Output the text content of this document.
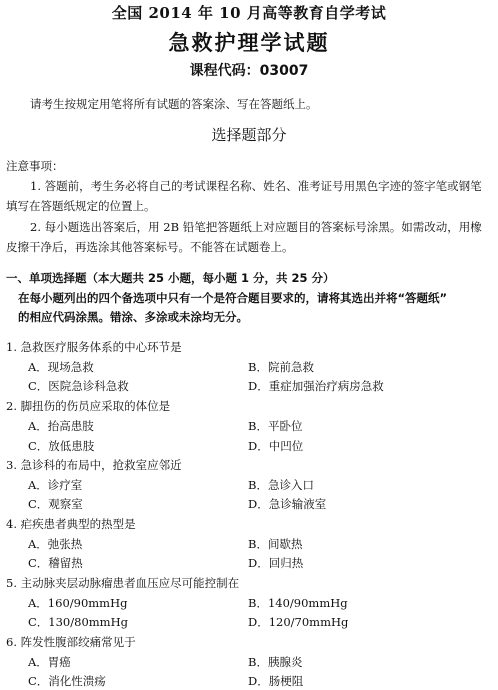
全国 2014 年 10 月高等教育自学考试
急救护理学试题
课程代码：03007
请考生按规定用笔将所有试题的答案涂、写在答题纸上。
选择题部分
注意事项：
1. 答题前，考生务必将自己的考试课程名称、姓名、准考证号用黑色字迹的签字笔或钢笔
填写在答题纸规定的位置上。
2. 每小题选出答案后，用 2B 铅笔把答题纸上对应题目的答案标号涂黑。如需改动，用橡
皮擦干净后，再选涂其他答案标号。不能答在试题卷上。
一、单项选择题（本大题共 25 小题，每小题 1 分，共 25 分）
在每小题列出的四个备选项中只有一个是符合题目要求的，请将其选出并将“答题纸”
的相应代码涂黑。错涂、多涂或未涂均无分。
1. 急救医疗服务体系的中心环节是
A．现场急救	B．院前急救
C．医院急诊科急救	D．重症加强治疗病房急救
2. 脚扭伤的伤员应采取的体位是
A．抬高患肢	B．平卧位
C．放低患肢	D．中凹位
3. 急诊科的布局中，抢救室应邻近
A．诊疗室	B．急诊入口
C．观察室	D．急诊输液室
4. 疟疾患者典型的热型是
A．弛张热	B．间歇热
C．稽留热	D．回归热
5. 主动脉夹层动脉瘤患者血压应尽可能控制在
A．160/90mmHg	B．140/90mmHg
C．130/80mmHg	D．120/70mmHg
6. 阵发性腹部绞痛常见于
A．胃癌	B．胰腺炎
C．消化性溃疡	D．肠梗阻
